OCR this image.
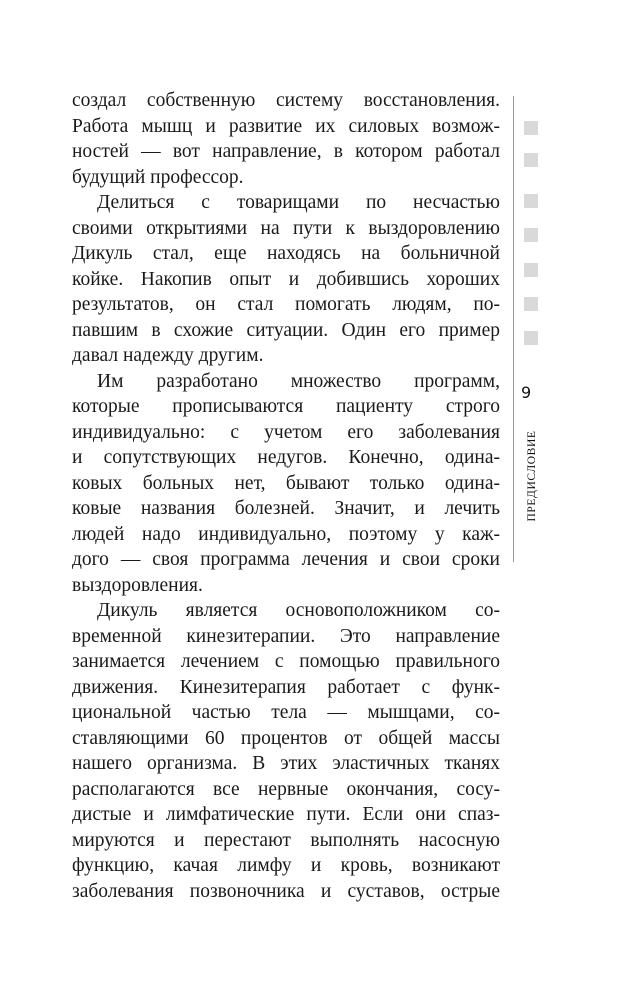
создал собственную систему восстановления.
Работа мышц и развитие их силовых возмож-
ностей — вот направление, в котором работал
будущий профессор.
Делиться с товарищами по несчастью
своими открытиями на пути к выздоровлению
Дикуль стал, еще находясь на больничной
койке. Накопив опыт и добившись хороших
результатов, он стал помогать людям, по-
павшим в схожие ситуации. Один его пример
давал надежду другим.
Им разработано множество программ,
которые прописываются пациенту строго
индивидуально: с учетом его заболевания
и сопутствующих недугов. Конечно, одина-
ковых больных нет, бывают только одина-
ковые названия болезней. Значит, и лечить
людей надо индивидуально, поэтому у каж-
дого — своя программа лечения и свои сроки
выздоровления.
Дикуль является основоположником со-
временной кинезитерапии. Это направление
занимается лечением с помощью правильного
движения. Кинезитерапия работает с функ-
циональной частью тела — мышцами, со-
ставляющими 60 процентов от общей массы
нашего организма. В этих эластичных тканях
располагаются все нервные окончания, сосу-
дистые и лимфатические пути. Если они спаз-
мируются и перестают выполнять насосную
функцию, качая лимфу и кровь, возникают
заболевания позвоночника и суставов, острые
9
ПРЕДИСЛОВИЕ
